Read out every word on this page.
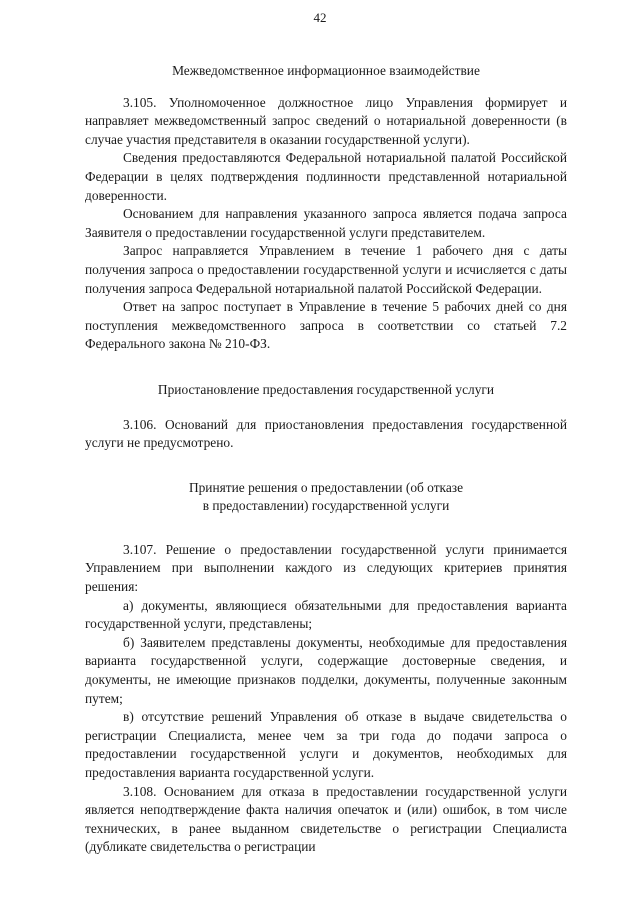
42
Межведомственное информационное взаимодействие

3.105. Уполномоченное должностное лицо Управления формирует и направляет межведомственный запрос сведений о нотариальной доверенности (в случае участия представителя в оказании государственной услуги).

Сведения предоставляются Федеральной нотариальной палатой Российской Федерации в целях подтверждения подлинности представленной нотариальной доверенности.

Основанием для направления указанного запроса является подача запроса Заявителя о предоставлении государственной услуги представителем.

Запрос направляется Управлением в течение 1 рабочего дня с даты получения запроса о предоставлении государственной услуги и исчисляется с даты получения запроса Федеральной нотариальной палатой Российской Федерации.

Ответ на запрос поступает в Управление в течение 5 рабочих дней со дня поступления межведомственного запроса в соответствии со статьей 7.2 Федерального закона № 210-ФЗ.

Приостановление предоставления государственной услуги

3.106. Оснований для приостановления предоставления государственной услуги не предусмотрено.

Принятие решения о предоставлении (об отказе
в предоставлении) государственной услуги

3.107. Решение о предоставлении государственной услуги принимается Управлением при выполнении каждого из следующих критериев принятия решения:

а) документы, являющиеся обязательными для предоставления варианта государственной услуги, представлены;

б) Заявителем представлены документы, необходимые для предоставления варианта государственной услуги, содержащие достоверные сведения, и документы, не имеющие признаков подделки, документы, полученные законным путем;

в) отсутствие решений Управления об отказе в выдаче свидетельства о регистрации Специалиста, менее чем за три года до подачи запроса о предоставлении государственной услуги и документов, необходимых для предоставления варианта государственной услуги.

3.108. Основанием для отказа в предоставлении государственной услуги является неподтверждение факта наличия опечаток и (или) ошибок, в том числе технических, в ранее выданном свидетельстве о регистрации Специалиста (дубликате свидетельства о регистрации
